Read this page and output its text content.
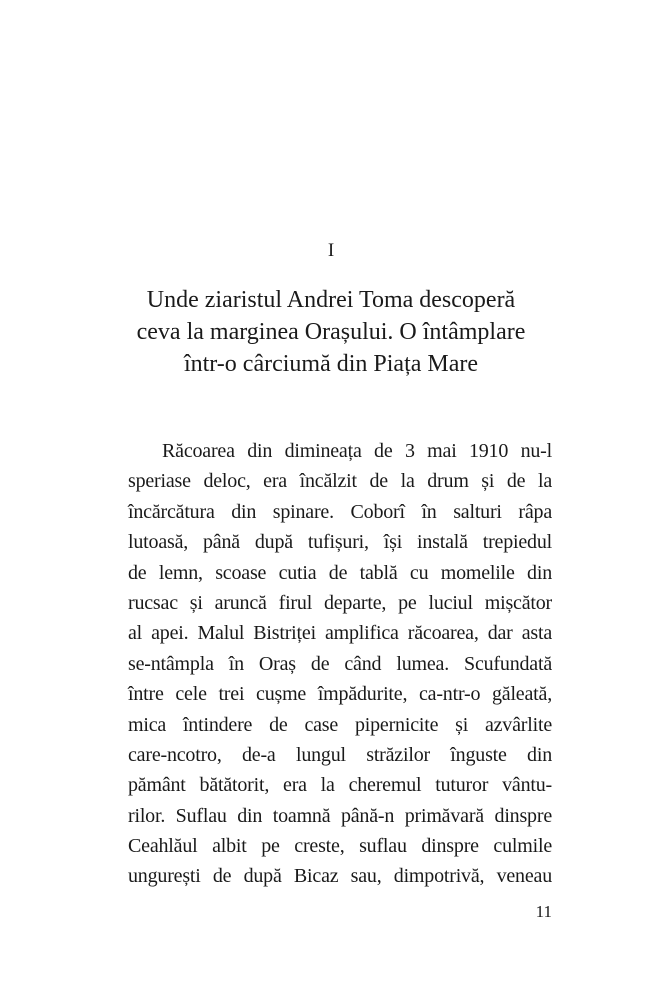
I
Unde ziaristul Andrei Toma descoperă
ceva la marginea Orașului. O întâmplare
într-o cârciumă din Piața Mare
Răcoarea din dimineața de 3 mai 1910 nu-l
speriase deloc, era încălzit de la drum și de la
încărcătura din spinare. Coborî în salturi râpa
lutoasă, până după tufișuri, își instală trepiedul
de lemn, scoase cutia de tablă cu momelile din
rucsac și aruncă firul departe, pe luciul mișcător
al apei. Malul Bistriței amplifica răcoarea, dar asta
se-ntâmpla în Oraș de când lumea. Scufundată
între cele trei cușme împădurite, ca-ntr-o găleată,
mica întindere de case pipernicite și azvârlite
care-ncotro, de-a lungul străzilor înguste din
pământ bătătorit, era la cheremul tuturor vântu-
rilor. Suflau din toamnă până-n primăvară dinspre
Ceahlăul albit pe creste, suflau dinspre culmile
ungurești de după Bicaz sau, dimpotrivă, veneau
11
